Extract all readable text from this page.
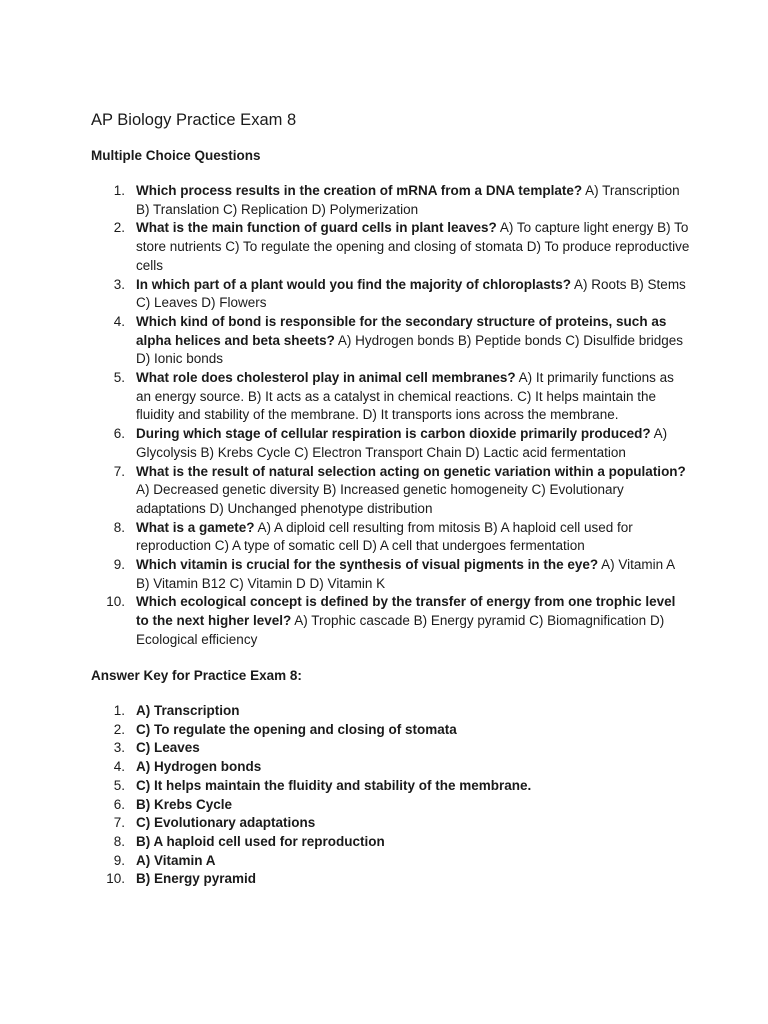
AP Biology Practice Exam 8
Multiple Choice Questions
1. Which process results in the creation of mRNA from a DNA template? A) Transcription B) Translation C) Replication D) Polymerization
2. What is the main function of guard cells in plant leaves? A) To capture light energy B) To store nutrients C) To regulate the opening and closing of stomata D) To produce reproductive cells
3. In which part of a plant would you find the majority of chloroplasts? A) Roots B) Stems C) Leaves D) Flowers
4. Which kind of bond is responsible for the secondary structure of proteins, such as alpha helices and beta sheets? A) Hydrogen bonds B) Peptide bonds C) Disulfide bridges D) Ionic bonds
5. What role does cholesterol play in animal cell membranes? A) It primarily functions as an energy source. B) It acts as a catalyst in chemical reactions. C) It helps maintain the fluidity and stability of the membrane. D) It transports ions across the membrane.
6. During which stage of cellular respiration is carbon dioxide primarily produced? A) Glycolysis B) Krebs Cycle C) Electron Transport Chain D) Lactic acid fermentation
7. What is the result of natural selection acting on genetic variation within a population? A) Decreased genetic diversity B) Increased genetic homogeneity C) Evolutionary adaptations D) Unchanged phenotype distribution
8. What is a gamete? A) A diploid cell resulting from mitosis B) A haploid cell used for reproduction C) A type of somatic cell D) A cell that undergoes fermentation
9. Which vitamin is crucial for the synthesis of visual pigments in the eye? A) Vitamin A B) Vitamin B12 C) Vitamin D D) Vitamin K
10. Which ecological concept is defined by the transfer of energy from one trophic level to the next higher level? A) Trophic cascade B) Energy pyramid C) Biomagnification D) Ecological efficiency
Answer Key for Practice Exam 8:
1. A) Transcription
2. C) To regulate the opening and closing of stomata
3. C) Leaves
4. A) Hydrogen bonds
5. C) It helps maintain the fluidity and stability of the membrane.
6. B) Krebs Cycle
7. C) Evolutionary adaptations
8. B) A haploid cell used for reproduction
9. A) Vitamin A
10. B) Energy pyramid
